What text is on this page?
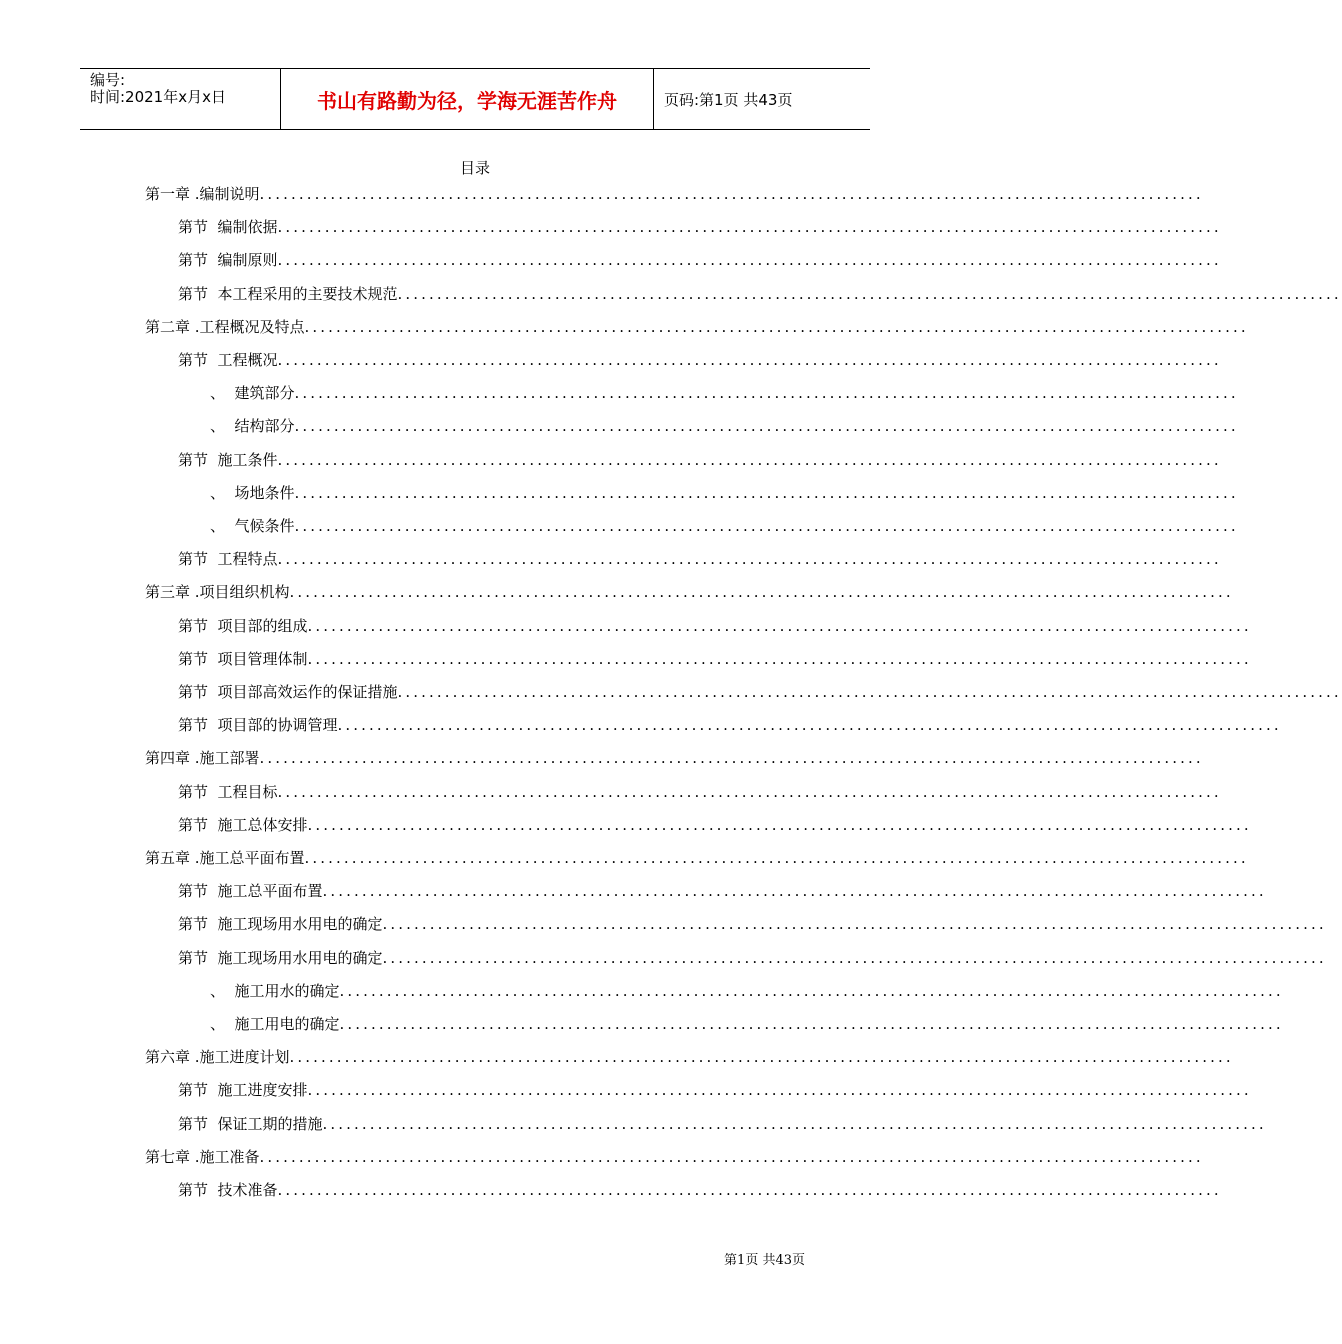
编号:
时间:2021年x月x日	书山有路勤为径，学海无涯苦作舟	页码:第1页 共43页
目录
第一章 .编制说明........................................................................................................................
第节  编制依据........................................................................................................................
第节  编制原则........................................................................................................................
第节  本工程采用的主要技术规范........................................................................................................................
第二章 .工程概况及特点........................................................................................................................
第节  工程概况........................................................................................................................
、  建筑部分........................................................................................................................
、  结构部分........................................................................................................................
第节  施工条件........................................................................................................................
、  场地条件........................................................................................................................
、  气候条件........................................................................................................................
第节  工程特点........................................................................................................................
第三章 .项目组织机构........................................................................................................................
第节  项目部的组成........................................................................................................................
第节  项目管理体制........................................................................................................................
第节  项目部高效运作的保证措施........................................................................................................................
第节  项目部的协调管理........................................................................................................................
第四章 .施工部署........................................................................................................................
第节  工程目标........................................................................................................................
第节  施工总体安排........................................................................................................................
第五章 .施工总平面布置........................................................................................................................
第节  施工总平面布置........................................................................................................................
第节  施工现场用水用电的确定........................................................................................................................
第节  施工现场用水用电的确定........................................................................................................................
、  施工用水的确定........................................................................................................................
、  施工用电的确定........................................................................................................................
第六章 .施工进度计划........................................................................................................................
第节  施工进度安排........................................................................................................................
第节  保证工期的措施........................................................................................................................
第七章 .施工准备........................................................................................................................
第节  技术准备........................................................................................................................
第1页 共43页
